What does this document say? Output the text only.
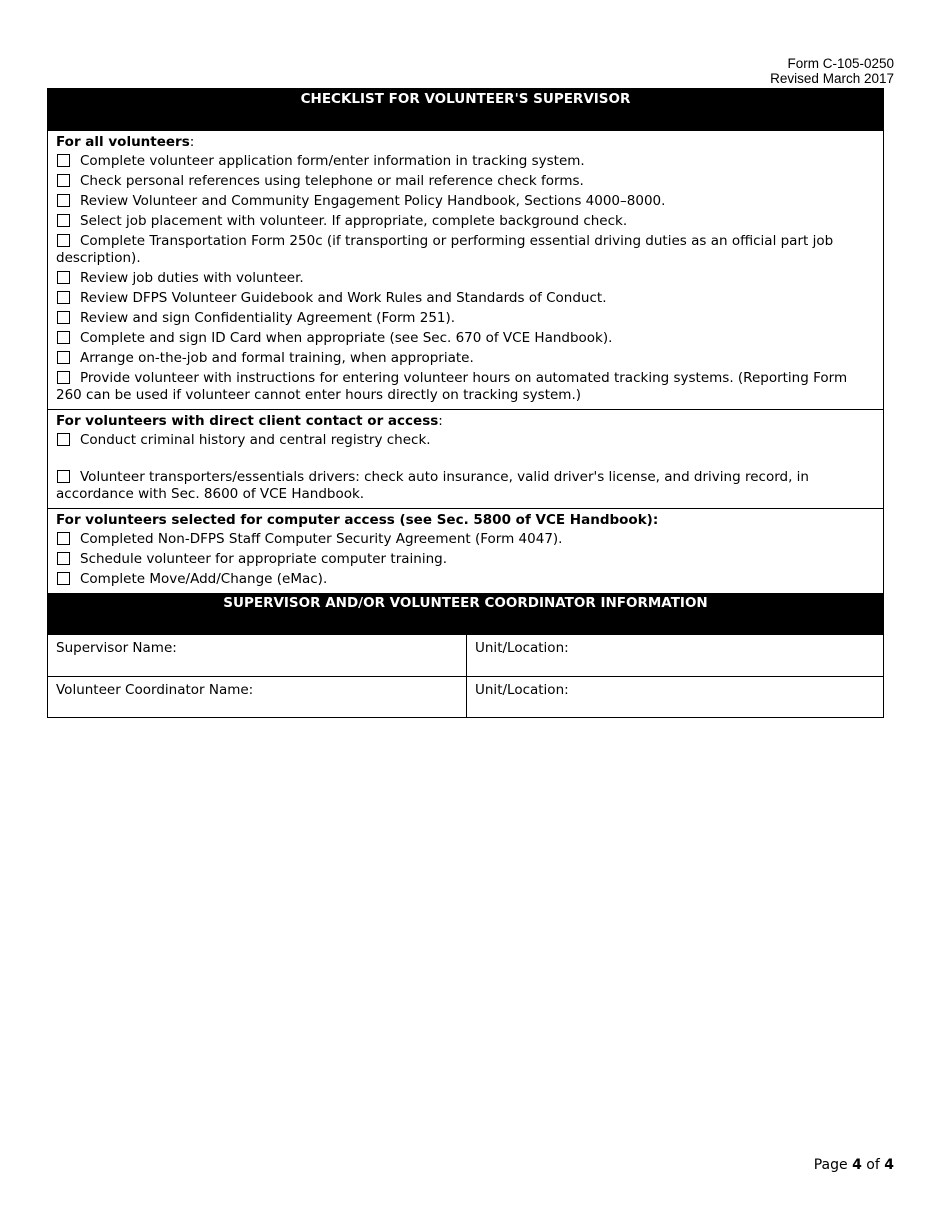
Form C-105-0250
Revised March 2017
CHECKLIST FOR VOLUNTEER'S SUPERVISOR
For all volunteers:
Complete volunteer application form/enter information in tracking system.
Check personal references using telephone or mail reference check forms.
Review Volunteer and Community Engagement Policy Handbook, Sections 4000–8000.
Select job placement with volunteer. If appropriate, complete background check.
Complete Transportation Form 250c (if transporting or performing essential driving duties as an official part job description).
Review job duties with volunteer.
Review DFPS Volunteer Guidebook and Work Rules and Standards of Conduct.
Review and sign Confidentiality Agreement (Form 251).
Complete and sign ID Card when appropriate (see Sec. 670 of VCE Handbook).
Arrange on-the-job and formal training, when appropriate.
Provide volunteer with instructions for entering volunteer hours on automated tracking systems. (Reporting Form 260 can be used if volunteer cannot enter hours directly on tracking system.)
For volunteers with direct client contact or access:
Conduct criminal history and central registry check.
Volunteer transporters/essentials drivers: check auto insurance, valid driver's license, and driving record, in accordance with Sec. 8600 of VCE Handbook.
For volunteers selected for computer access (see Sec. 5800 of VCE Handbook):
Completed Non-DFPS Staff Computer Security Agreement (Form 4047).
Schedule volunteer for appropriate computer training.
Complete Move/Add/Change (eMac).
SUPERVISOR AND/OR VOLUNTEER COORDINATOR INFORMATION
Supervisor Name:	Unit/Location:
Volunteer Coordinator Name:	Unit/Location:
Page 4 of 4
